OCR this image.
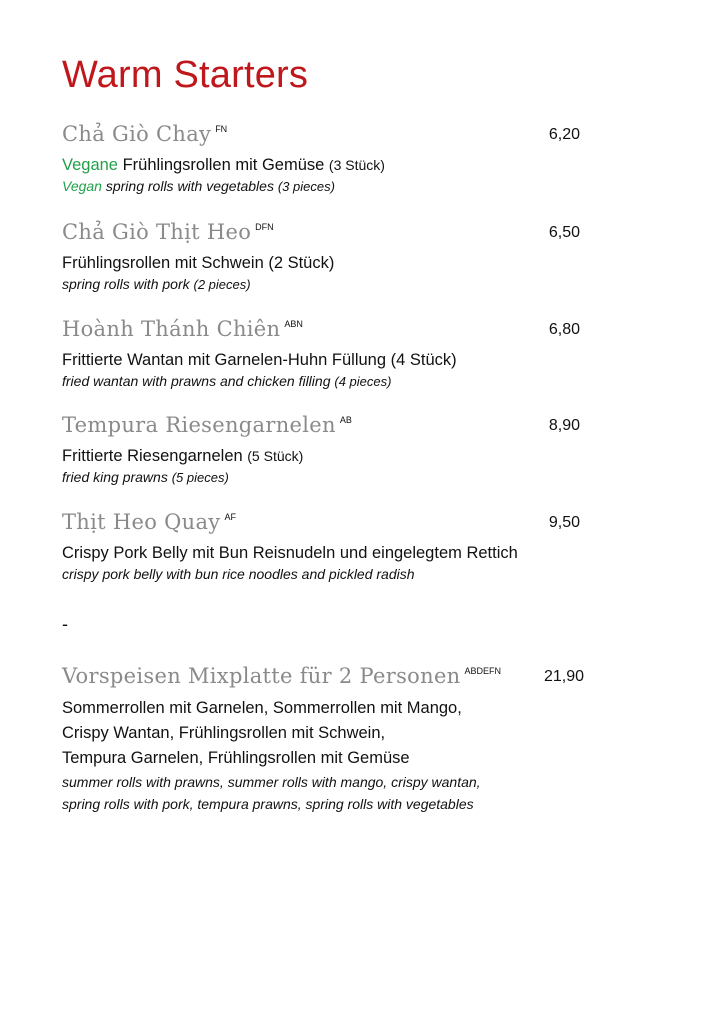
Warm Starters
Chả Giò Chay $^{FN}$	6,20
Vegane Frühlingsrollen mit Gemüse (3 Stück)
Vegan spring rolls with vegetables (3 pieces)
Chả Giò Thịt Heo $^{DFN}$	6,50
Frühlingsrollen mit Schwein (2 Stück)
spring rolls with pork (2 pieces)
Hoành Thánh Chiên $^{ABN}$	6,80
Frittierte Wantan mit Garnelen-Huhn Füllung (4 Stück)
fried wantan with prawns and chicken filling (4 pieces)
Tempura Riesengarnelen $^{AB}$	8,90
Frittierte Riesengarnelen (5 Stück)
fried king prawns (5 pieces)
Thịt Heo Quay $^{AF}$	9,50
Crispy Pork Belly mit Bun Reisnudeln und eingelegtem Rettich
crispy pork belly with bun rice noodles and pickled radish
-
Vorspeisen Mixplatte für 2 Personen $^{ABDEFN}$	21,90
Sommerrollen mit Garnelen, Sommerrollen mit Mango,
Crispy Wantan, Frühlingsrollen mit Schwein,
Tempura Garnelen, Frühlingsrollen mit Gemüse
summer rolls with prawns, summer rolls with mango, crispy wantan,
spring rolls with pork, tempura prawns, spring rolls with vegetables
